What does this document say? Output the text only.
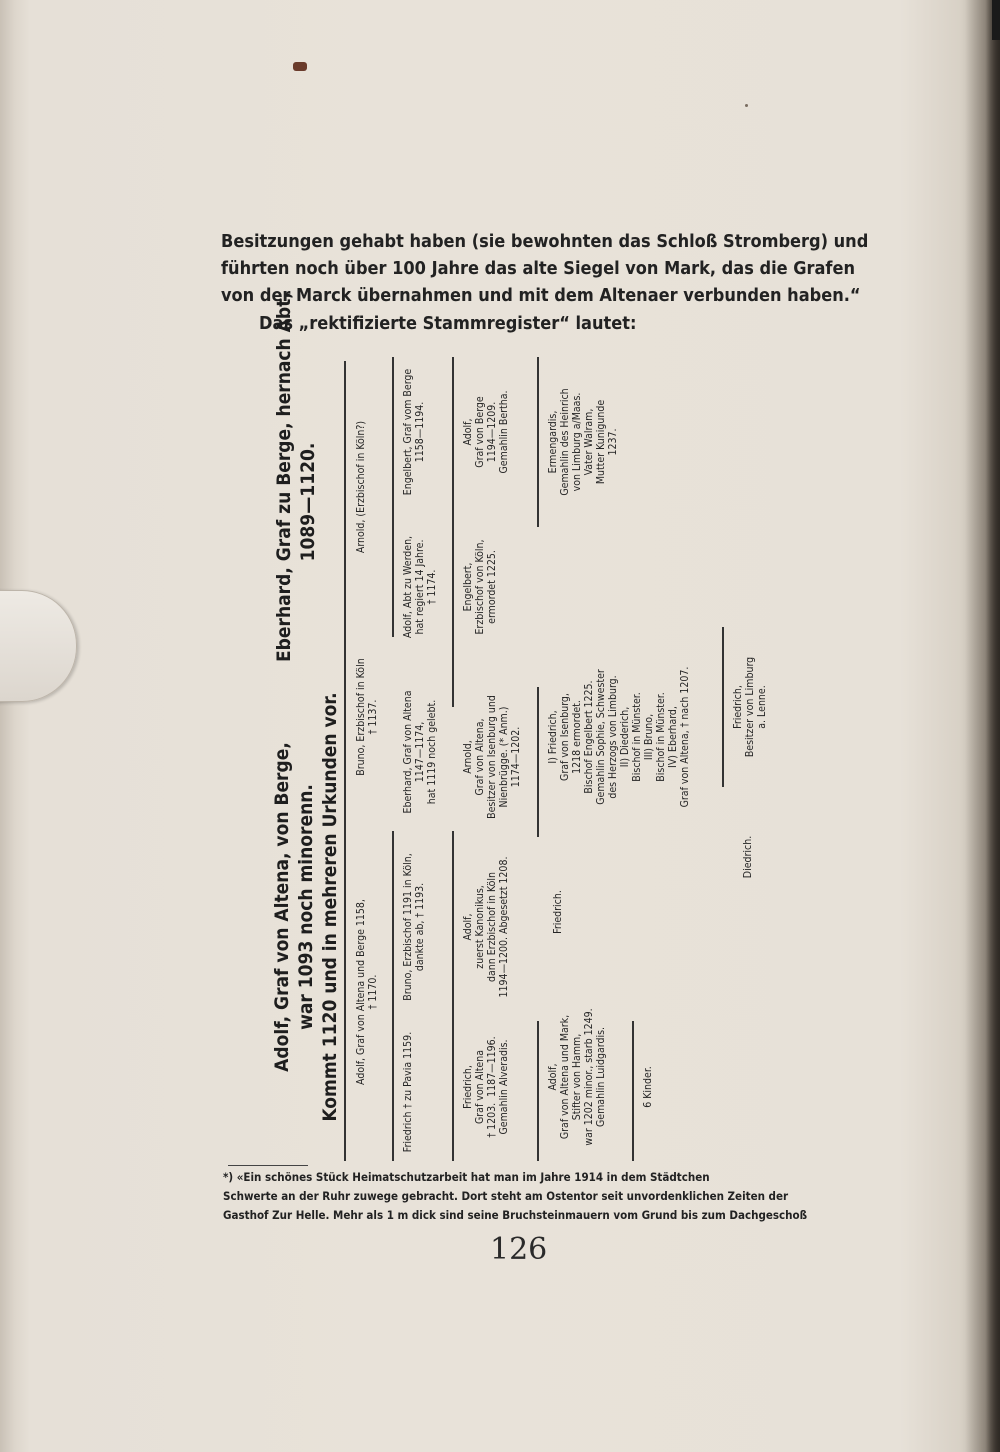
Besitzungen gehabt haben (sie bewohnten das Schloß Stromberg) und
führten noch über 100 Jahre das alte Siegel von Mark, das die Grafen
von der Marck übernahmen und mit dem Altenaer verbunden haben.“

Das „rektifizierte Stammregister“ lautet:

Adolf, Graf von Altena, von Berge,
war 1093 noch minorenn.
Kommt 1120 und in mehreren Urkunden vor.
Eberhard, Graf zu Berge, hernach Abt,
1089—1120.
Adolf, Graf von Altena und Berge 1158,
† 1170.
Bruno, Erzbischof in Köln
† 1137.
Arnold, (Erzbischof in Köln?)
Friedrich † zu Pavia 1159.
Bruno, Erzbischof 1191 in Köln,
dankte ab, † 1193.
Eberhard, Graf von Altena
1147—1174,
hat 1119 noch gelebt.
Adolf, Abt zu Werden,
hat regiert 14 Jahre.
† 1174.
Engelbert, Graf vom Berge
1158—1194.
Friedrich,
Graf von Altena
† 1203.  1187—1196.
Gemahlin Alveradis.
Adolf,
zuerst Kanonikus,
dann Erzbischof in Köln
1194—1200. Abgesetzt 1208.
Arnold,
Graf von Altena,
Besitzer von Isenburg und
Nienbrügge. (* Anm.)
1174—1202.
Engelbert,
Erzbischof von Köln,
ermordet 1225.
Adolf,
Graf von Berge
1194—1209.
Gemahlin Bertha.
Adolf,
Graf von Altena und Mark,
Stifter von Hamm,
war 1202 minor., starb 1249.
Gemahlin Luidgardis.
Friedrich.
I) Friedrich,
Graf von Isenburg,
1218 ermordet.
Bischof Engelbert 1225.
Gemahlin Sophie, Schwester
des Herzogs von Limburg.
II) Diederich,
Bischof in Münster.
III) Bruno,
Bischof in Münster.
IV) Eberhard,
Graf von Altena, † nach 1207.
Ermengardis,
Gemahlin des Heinrich
von Limburg a/Maas.
Vater Walram,
Mutter Kunigunde
1237.
6 Kinder.
Diedrich.
Friedrich,
Besitzer von Limburg
a. Lenne.

*) «Ein schönes Stück Heimatschutzarbeit hat man im Jahre 1914 in dem Städtchen
Schwerte an der Ruhr zuwege gebracht. Dort steht am Ostentor seit unvordenklichen Zeiten der
Gasthof Zur Helle. Mehr als 1 m dick sind seine Bruchsteinmauern vom Grund bis zum Dachgeschoß

126
